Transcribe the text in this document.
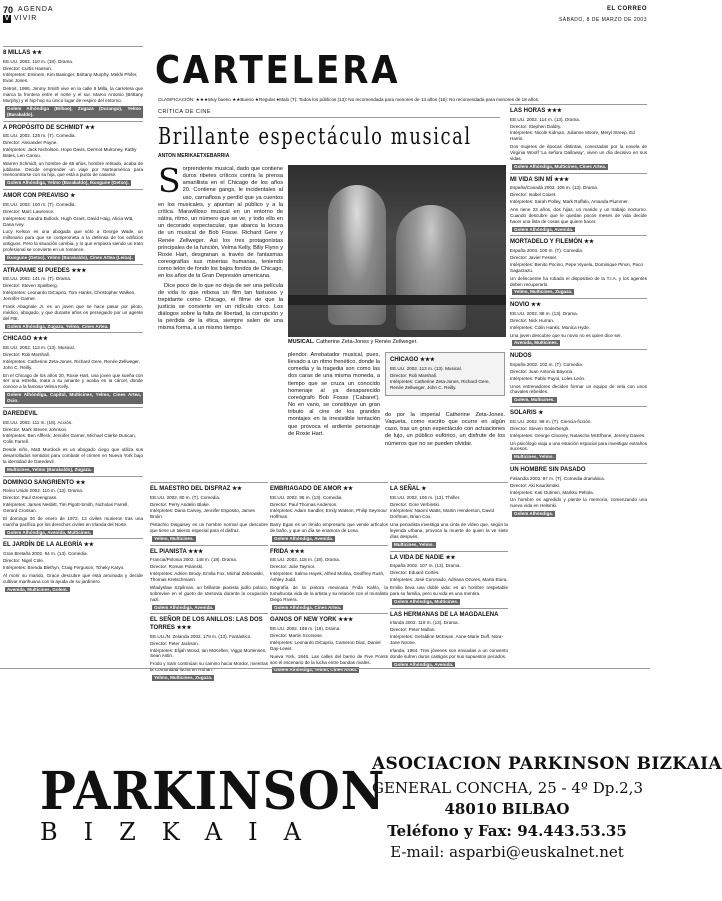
70 AGENDA
V VIVIR
EL CORREO
SÁBADO, 8 DE MARZO DE 2003
8 MILLAS ★★
EE.UU. 2002. 110 m. (18). Drama.
Director: Curtis Hanson.
Intérpretes: Eminem, Kim Basinger, Brittany Murphy, Mekhi Phifer, Evan Jones.
Detroit, 1995. Jimmy Smith vive en la calle 8 Milla, la carretera que marca la frontera entre el norte y el sur. Marco Antonio (Brittany Murphy) y el hip-hop su único lugar de respiro del entorno.
Golem Alhóndiga (Bilbao), Zugaza (Durango), Yelmo (Barakaldo).
A PROPÓSITO DE SCHMIDT ★★
EE.UU. 2002. 125 m. (T). Comedia.
Director: Alexander Payne.
Intérpretes: Jack Nicholson, Hope Davis, Dermot Mulroney, Kathy Bates, Len Cariou.
Warren Schmidt, un hombre de 66 años, hombre retirado, acaba de jubilarse. Decide emprender un viaje por Norteamérica para reencontrarse con su hija, que está a punto de casarse.
Golem Alhóndiga, Yelmo (Barakaldo), Ikusgune (Getxo).
AMOR CON PREAVISO ★
EE.UU. 2002. 100 m. (T). Comedia.
Director: Marc Lawrence.
Intérpretes: Sandra Bullock, Hugh Grant, David Haig, Alicia Witt, Dana Ivey.
Lucy Kelson es una abogada que sólo a George Wade, un millonario para que se comprometa a la defensa de los edificios antiguos. Pero la situación cambia, y lo que empieza siendo un trato profesional se convierte en un romance.
Ikusgune (Getxo), Yelmo (Barakaldo), Cines Artea (Leioa).
ATRAPAME SI PUEDES ★★★
EE.UU. 2002. 141 m. (T). Drama.
Director: Steven Spielberg.
Intérpretes: Leonardo DiCaprio, Tom Hanks, Christopher Walken, Jennifer Garner.
Frank Abagnale Jr. es un joven que se hace pasar por piloto, médico, abogado, y que durante años es perseguido por un agente del FBI.
Golem Alhóndiga, Zugaza, Yelmo, Cines Artea.
CHICAGO ★★★
EE.UU. 2002. 113 m. (13). Musical.
Director: Rob Marshall.
Intérpretes: Catherine Zeta-Jones, Richard Gere, Renée Zellweger, John C. Reilly.
En el Chicago de los años 20, Roxie Hart, una joven que sueña con ser una estrella, mata a su amante y acaba en la cárcel, donde conoce a la famosa Velma Kelly.
Golem Alhóndiga, Capitol, Multicines, Yelmo, Cines Artea, Ocio.
DAREDEVIL
EE.UU. 2002. 111 m. (18). Acción.
Director: Mark Steven Johnson.
Intérpretes: Ben Affleck, Jennifer Garner, Michael Clarke Duncan, Colin Farrell.
Desde niño, Matt Murdock es un abogado ciego que utiliza sus desarrollados sentidos para combatir el crimen en Nueva York bajo la identidad de Daredevil.
Multicines, Yelmo (Barakaldo), Zugaza.
DOMINGO SANGRIENTO ★★
Reino Unido 2002. 110 m. (13). Drama.
Director: Paul Greengrass.
Intérpretes: James Nesbitt, Tim Pigott-Smith, Nicholas Farrell, Gerard Crossan.
El domingo 30 de enero de 1972, 13 civiles murieron tras una marcha pacífica por los derechos civiles en Irlanda del Norte.
Golem Alhóndiga, Avenida, Multicines.
EL JARDÍN DE LA ALEGRÍA ★★
Gran Bretaña 2002. 94 m. (13). Comedia.
Director: Nigel Cole.
Intérpretes: Brenda Blethyn, Craig Ferguson, Tcheky Karyo.
Al morir su marido, Grace descubre que está arruinada y decide cultivar marihuana con la ayuda de su jardinero.
Avenida, Multicines, Golem.
CARTELERA
CLASIFICACIÓN: ★★★Muy bueno ★★Bueno ★Regular ●Malo (T): Todos los públicos (13): No recomendada para menores de 13 años (18): No recomendada para menores de 18 años.
CRÍTICA DE CINE
Brillante espectáculo musical
ANTON MERIKAETXEBARRIA
Sorprendente musical, dado que contiene duros ribetes críticos contra la prensa amarillista en el Chicago de los años 20. Contiene gangs, le incidentales al uso, carnaflosa y perdid que ya cuentos en los musicales, y apuntan al público y a la crítica. Maravilloso musical en un entorno de sátira, ritmo, un número que se ve, y todo ello en un decorado espectacular, que abarca la locura de un musical de Bob Fosse. Richard Gere y Renée Zellweger. Así los tres protagonistas principales de la función, Velma Kelly, Billy Flynn y Roxie Hart, desgranan a través de fantasmas coreografías sus miserias humanas, teniendo como telón de fondo los bajos fondos de Chicago, en los años de la Gran Depresión americana.

Dice poco de lo que no deja de ser una película de vida lo que rebosa un film tan fastuoso y trepidante como Chicago, el filme de que la justicia se convierte en un ridículo circo. Los diálogos sobre la falta de libertad, la corrupción y la pérdida de la ética, siempre salen de una misma forma, a un mismo tiempo.

MUSICAL. Catherine Zeta-Jones y Renée Zellweger.
plendor. Arrebatador musical, pues, llevado a un ritmo frenético, donde la comedia y la tragedia son como las dos caras de una misma moneda, a tiempo que se cruza un conocido homenaje al ya desaparecido coreógrafo Bob Fosse ('Cabaret'). No en vano, se constituye un gran tributo al cine de los grandes montajes en la irresistible tentación que provoca el ardiente personaje de Roxie Hart.
CHICAGO ★★★
EE.UU. 2002. 113 m. (13). Musical.
Director: Rob Marshall.
Intérpretes: Catherine Zeta-Jones, Richard Gere, Renée Zellweger, John C. Reilly.
do por la imperial Catherine Zeta-Jones. Vaqueta, como escrito que ocurre en algún caso, tras un gran espectáculo con actuaciones de lujo, un público eufórico, un disfrute de los números que no se pueden olvidar.
EL MAESTRO DEL DISFRAZ ★★
EE.UU. 2002. 80 m. (T). Comedia.
Director: Perry Andelin Blake.
Intérpretes: Dana Carvey, Jennifer Esposito, James Brolin.
Pistachio Disguisey es un hombre normal que descubre que tiene un talento especial para el disfraz.
Yelmo, Multicines.
EL PIANISTA ★★★
Francia/Polonia 2002. 148 m. (18). Drama.
Director: Roman Polanski.
Intérpretes: Adrien Brody, Emilia Fox, Michal Zebrowski, Thomas Kretschmann.
Wladyslaw Szpilman, un brillante pianista judío polaco, sobrevive en el gueto de Varsovia durante la ocupación nazi.
Golem Alhóndiga, Avenida.
EL SEÑOR DE LOS ANILLOS: LAS DOS TORRES ★★★
EE.UU./N. Zelanda 2002. 179 m. (13). Fantástico.
Director: Peter Jackson.
Intérpretes: Elijah Wood, Ian McKellen, Viggo Mortensen, Sean Astin.
Frodo y Sam continúan su camino hacia Mordor, mientras la Comunidad lucha en Rohan.
Yelmo, Multicines, Zugaza.
EMBRIAGADO DE AMOR ★★
EE.UU. 2002. 95 m. (13). Comedia.
Director: Paul Thomas Anderson.
Intérpretes: Adam Sandler, Emily Watson, Philip Seymour Hoffman.
Barry Egan es un tímido empresario que vende artículos de baño, y que un día se enamora de Lena.
Golem Alhóndiga, Avenida.
FRIDA ★★★
EE.UU. 2002. 118 m. (18). Drama.
Director: Julie Taymor.
Intérpretes: Salma Hayek, Alfred Molina, Geoffrey Rush, Ashley Judd.
Biografía de la pintora mexicana Frida Kahlo, la tumultuosa vida de la artista y su relación con el muralista Diego Rivera.
Golem Alhóndiga, Cines Artea.
GANGS OF NEW YORK ★★★
EE.UU. 2002. 168 m. (18). Drama.
Director: Martin Scorsese.
Intérpretes: Leonardo DiCaprio, Cameron Diaz, Daniel Day-Lewis.
Nueva York, 1846. Las calles del barrio de Five Points son el escenario de la lucha entre bandas rivales.
Golem Alhóndiga, Yelmo, Cines Artea.
LA SEÑAL ★
EE.UU. 2002. 106 m. (13). Thriller.
Director: Gore Verbinski.
Intérpretes: Naomi Watts, Martin Henderson, David Dorfman, Brian Cox.
Una periodista investiga una cinta de vídeo que, según la leyenda urbana, provoca la muerte de quien la ve siete días después.
Multicines, Yelmo.
LA VIDA DE NADIE ★★
España 2002. 107 m. (13). Drama.
Director: Eduard Cortés.
Intérpretes: José Coronado, Adriana Ozores, Marta Etura.
Emilio lleva una doble vida: es un hombre respetable para su familia, pero su vida es una mentira.
Golem Alhóndiga, Multicines.
LAS HERMANAS DE LA MAGDALENA
Irlanda 2002. 119 m. (13). Drama.
Director: Peter Mullan.
Intérpretes: Geraldine McEwan, Anne-Marie Duff, Nora-Jane Noone.
Irlanda, 1964. Tres jóvenes son enviadas a un convento donde sufren duros castigos por sus supuestos pecados.
Golem Alhóndiga, Avenida.
LAS HORAS ★★★
EE.UU. 2002. 114 m. (13). Drama.
Director: Stephen Daldry.
Intérpretes: Nicole Kidman, Julianne Moore, Meryl Streep, Ed Harris.
Dos mujeres de épocas distintas, conectadas por la novela de Virginia Woolf 'La señora Dalloway', viven un día decisivo en sus vidas.
Golem Alhóndiga, Multicines, Cines Artea.
MI VIDA SIN MÍ ★★★
España/Canadá 2003. 106 m. (13). Drama.
Director: Isabel Coixet.
Intérpretes: Sarah Polley, Mark Ruffalo, Amanda Plummer.
Ann tiene 23 años, dos hijas, un marido y un trabajo nocturno. Cuando descubre que le quedan pocos meses de vida decide hacer una lista de cosas que quiere hacer.
Golem Alhóndiga, Avenida.
MORTADELO Y FILEMÓN ★★
España 2003. 100 m. (T). Comedia.
Director: Javier Fesser.
Intérpretes: Benito Pocino, Pepe Viyuela, Dominique Pinon, Paco Sagarzazu.
Un delincuente ha robado el dispositivo de la T.I.A. y los agentes deben recuperarlo.
Yelmo, Multicines, Zugaza.
NOVIO ★★
EE.UU. 2002. 88 m. (13). Drama.
Director: Nick Hurran.
Intérpretes: Colin Hanks, Monica Hyde.
Una joven descubre que su novio no es quien dice ser.
Avenida, Multicines.
NUDOS
España 2002. 102 m. (T). Comedia.
Director: Juan Antonio Bayona.
Intérpretes: Pablo Puyol, Loles León.
Unos entrenadores deciden formar un equipo de vela con unos chavales rebeldes.
Golem, Multicines.
SOLARIS ★
EE.UU. 2002. 98 m. (T). Ciencia-ficción.
Director: Steven Soderbergh.
Intérpretes: George Clooney, Natascha McElhone, Jeremy Davies.
Un psicólogo viaja a una estación espacial para investigar extraños sucesos.
Multicines, Yelmo.
UN HOMBRE SIN PASADO
Finlandia 2002. 97 m. (T). Comedia dramática.
Director: Aki Kaurismäki.
Intérpretes: Kati Outinen, Markku Peltola.
Un hombre es agredido y pierde la memoria, comenzando una nueva vida en Helsinki.
Golem Alhóndiga.
PARKINSON
BIZKAIA
ASOCIACION PARKINSON BIZKAIA
GENERAL CONCHA, 25 - 4º Dp.2,3
48010 BILBAO
Teléfono y Fax: 94.443.53.35
E-mail: asparbi@euskalnet.net
